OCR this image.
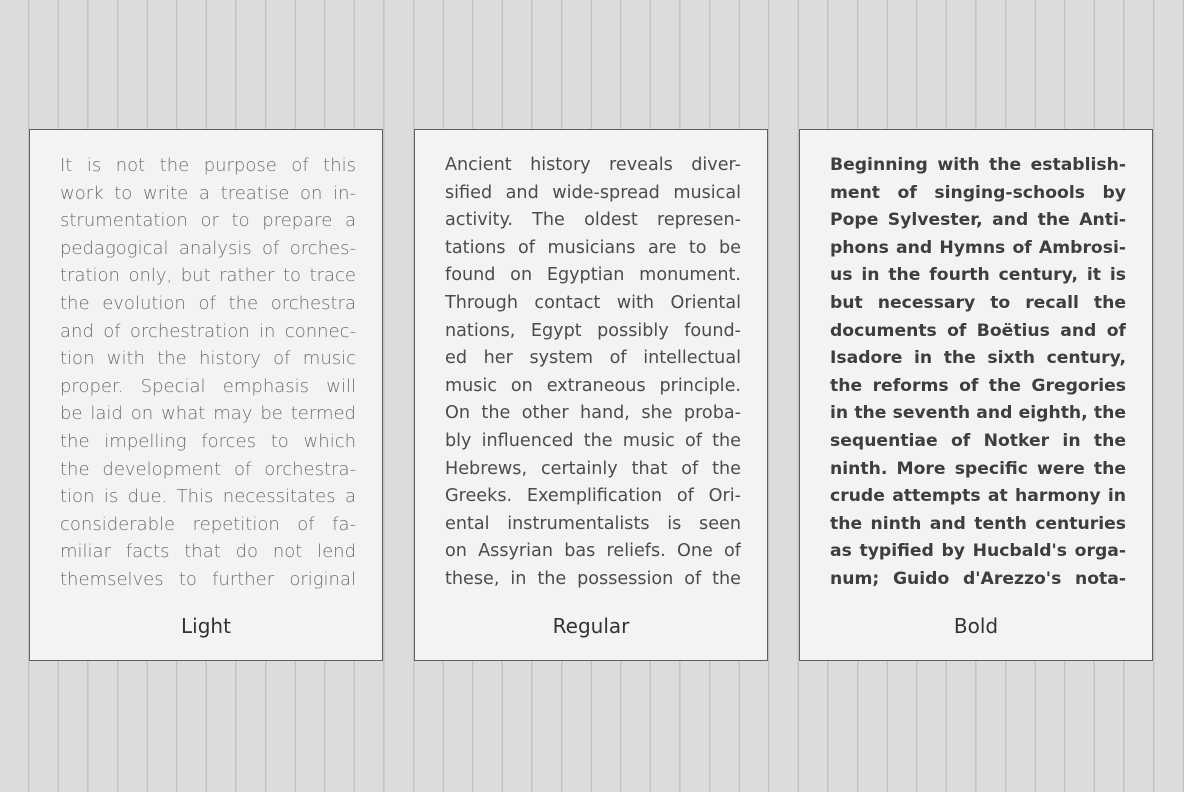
It is not the purpose of this
work to write a treatise on in-
strumentation or to prepare a
pedagogical analysis of orches-
tration only, but rather to trace
the evolution of the orchestra
and of orchestration in connec-
tion with the history of music
proper. Special emphasis will
be laid on what may be termed
the impelling forces to which
the development of orchestra-
tion is due. This necessitates a
considerable repetition of fa-
miliar facts that do not lend
themselves to further original
Light
Ancient history reveals diver-
sified and wide-spread musical
activity. The oldest represen-
tations of musicians are to be
found on Egyptian monument.
Through contact with Oriental
nations, Egypt possibly found-
ed her system of intellectual
music on extraneous principle.
On the other hand, she proba-
bly influenced the music of the
Hebrews, certainly that of the
Greeks. Exemplification of Ori-
ental instrumentalists is seen
on Assyrian bas reliefs. One of
these, in the possession of the
Regular
Beginning with the establish-
ment of singing-schools by
Pope Sylvester, and the Anti-
phons and Hymns of Ambrosi-
us in the fourth century, it is
but necessary to recall the
documents of Boëtius and of
Isadore in the sixth century,
the reforms of the Gregories
in the seventh and eighth, the
sequentiae of Notker in the
ninth. More specific were the
crude attempts at harmony in
the ninth and tenth centuries
as typified by Hucbald's orga-
num; Guido d'Arezzo's nota-
Bold
